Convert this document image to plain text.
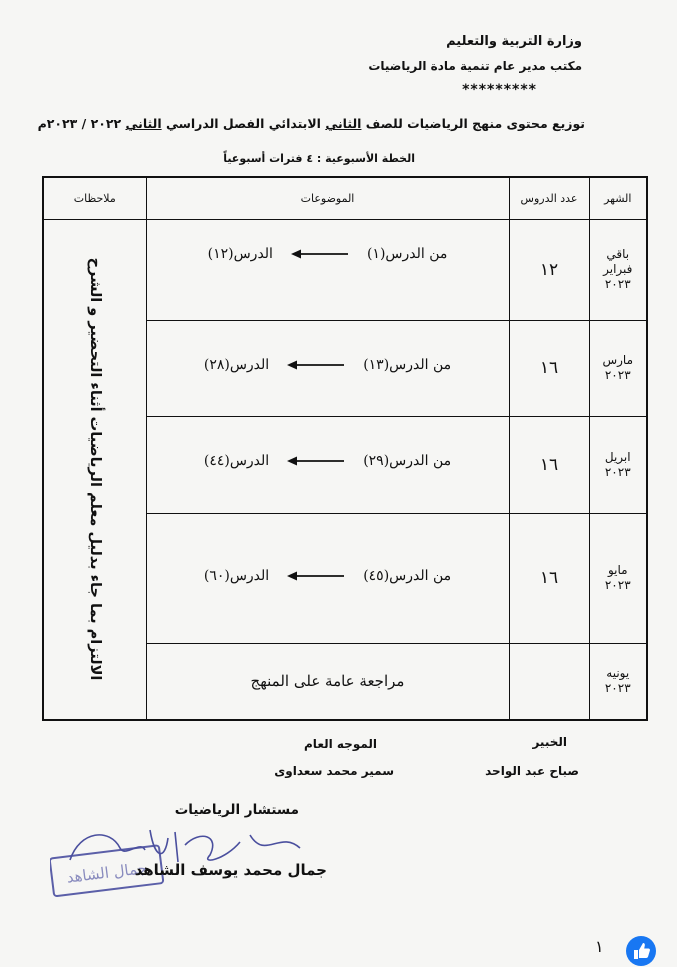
وزارة التربية والتعليم
مكتب مدير عام تنمية مادة الرياضيات
*********
توزيع محتوى منهج الرياضيات للصف الثاني الابتدائي الفصل الدراسي الثاني ٢٠٢٢ / ٢٠٢٣م
الخطة الأسبوعية : ٤ فترات أسبوعياً
الشهر	عدد الدروس	الموضوعات	ملاحظات
باقي
فبراير
٢٠٢٣	١٢	الدرس(١٢) من الدرس(١)	الالتزام بما جاء بدليل معلم الرياضيات أثناء التحضير و الشرح

مارس
٢٠٢٣	١٦	الدرس(٢٨) من الدرس(١٣)	

ابريل
٢٠٢٣	١٦	الدرس(٤٤) من الدرس(٢٩)	

مايو
٢٠٢٣	١٦	الدرس(٦٠) من الدرس(٤٥)	

يونيه
٢٠٢٣		مراجعة عامة على المنهج	
الخبير
صباح عبد الواحد
الموجه العام
سمير محمد سعداوى
مستشار الرياضيات
جمال الشاهد
جمال محمد يوسف الشاهد
١
